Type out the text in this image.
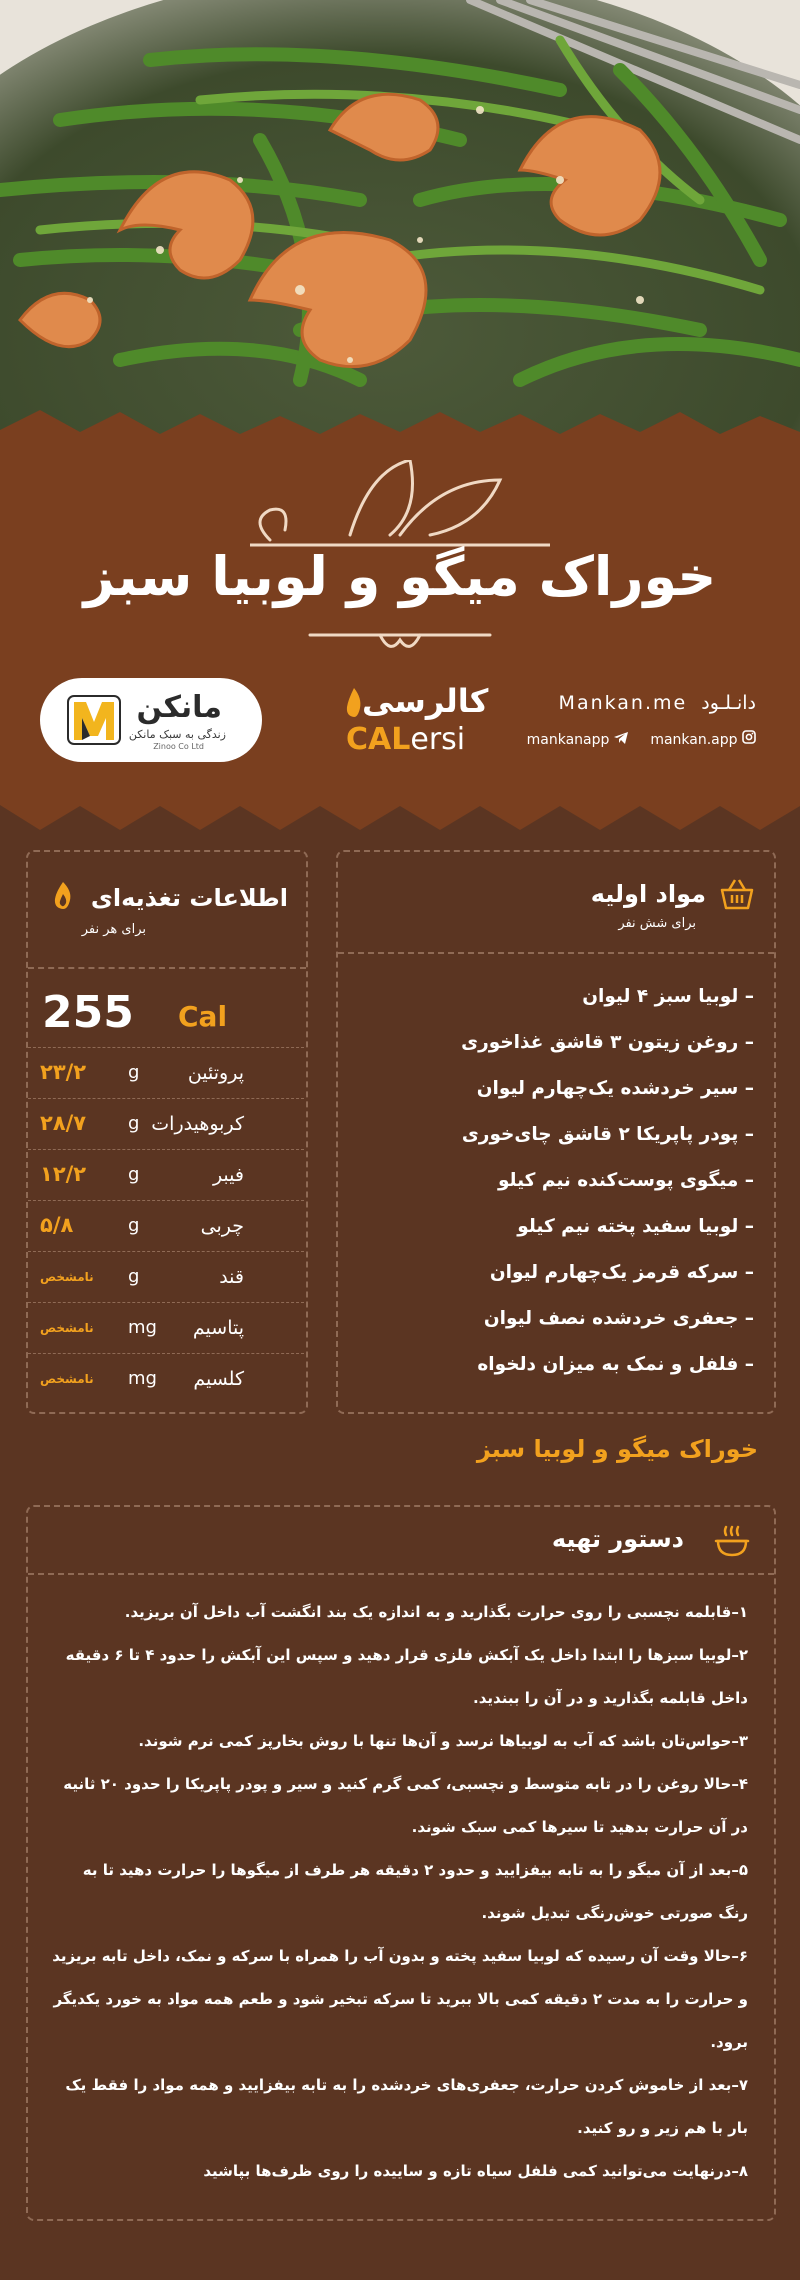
خوراک میگو و لوبیا سبز
مانکن
زندگی به سبک مانکن
Zinoo Co Ltd
کالرسی
CALersi
دانـلـود Mankan.me
mankanapp	mankan.app
اطلاعات تغذیه‌ای
برای هر نفر
255 Cal
پروتئین
g
۲۳/۲
کربوهیدرات
g
۲۸/۷
فیبر
g
۱۲/۲
چربی
g
۵/۸
قند
g
نامشخص
پتاسیم
mg
نامشخص
کلسیم
mg
نامشخص
مواد اولیه
برای شش نفر
– لوبیا سبز ۴ لیوان
– روغن زیتون ۳ قاشق غذاخوری
– سیر خردشده یک‌چهارم لیوان
– پودر پاپریکا ۲ قاشق چای‌خوری
– میگوی پوست‌کنده نیم کیلو
– لوبیا سفید پخته نیم کیلو
– سرکه قرمز یک‌چهارم لیوان
– جعفری خردشده نصف لیوان
– فلفل و نمک به میزان دلخواه
خوراک میگو و لوبیا سبز
دستور تهیه
۱–قابلمه نچسبی را روی حرارت بگذارید و به اندازه یک بند انگشت آب داخل آن بریزید.
۲–لوبیا سبزها را ابتدا داخل یک آبکش فلزی قرار دهید و سپس این آبکش را حدود ۴ تا ۶ دقیقه داخل قابلمه بگذارید و در آن را ببندید.
۳–حواس‌تان باشد که آب به لوبیاها نرسد و آن‌ها تنها با روش بخارپز کمی نرم شوند.
۴–حالا روغن را در تابه متوسط و نچسبی، کمی گرم کنید و سیر و پودر پاپریکا را حدود ۲۰ ثانیه در آن حرارت بدهید تا سیرها کمی سبک شوند.
۵–بعد از آن میگو را به تابه بیفزایید و حدود ۲ دقیقه هر طرف از میگوها را حرارت دهید تا به رنگ صورتی خوش‌رنگی تبدیل شوند.
۶–حالا وقت آن رسیده که لوبیا سفید پخته و بدون آب را همراه با سرکه و نمک، داخل تابه بریزید و حرارت را به مدت ۲ دقیقه کمی بالا ببرید تا سرکه تبخیر شود و طعم همه مواد به خورد یکدیگر برود.
۷–بعد از خاموش کردن حرارت، جعفری‌های خردشده را به تابه بیفزایید و همه مواد را فقط یک بار با هم زیر و رو کنید.
۸–درنهایت می‌توانید کمی فلفل سیاه تازه و ساییده را روی ظرف‌ها بپاشید
